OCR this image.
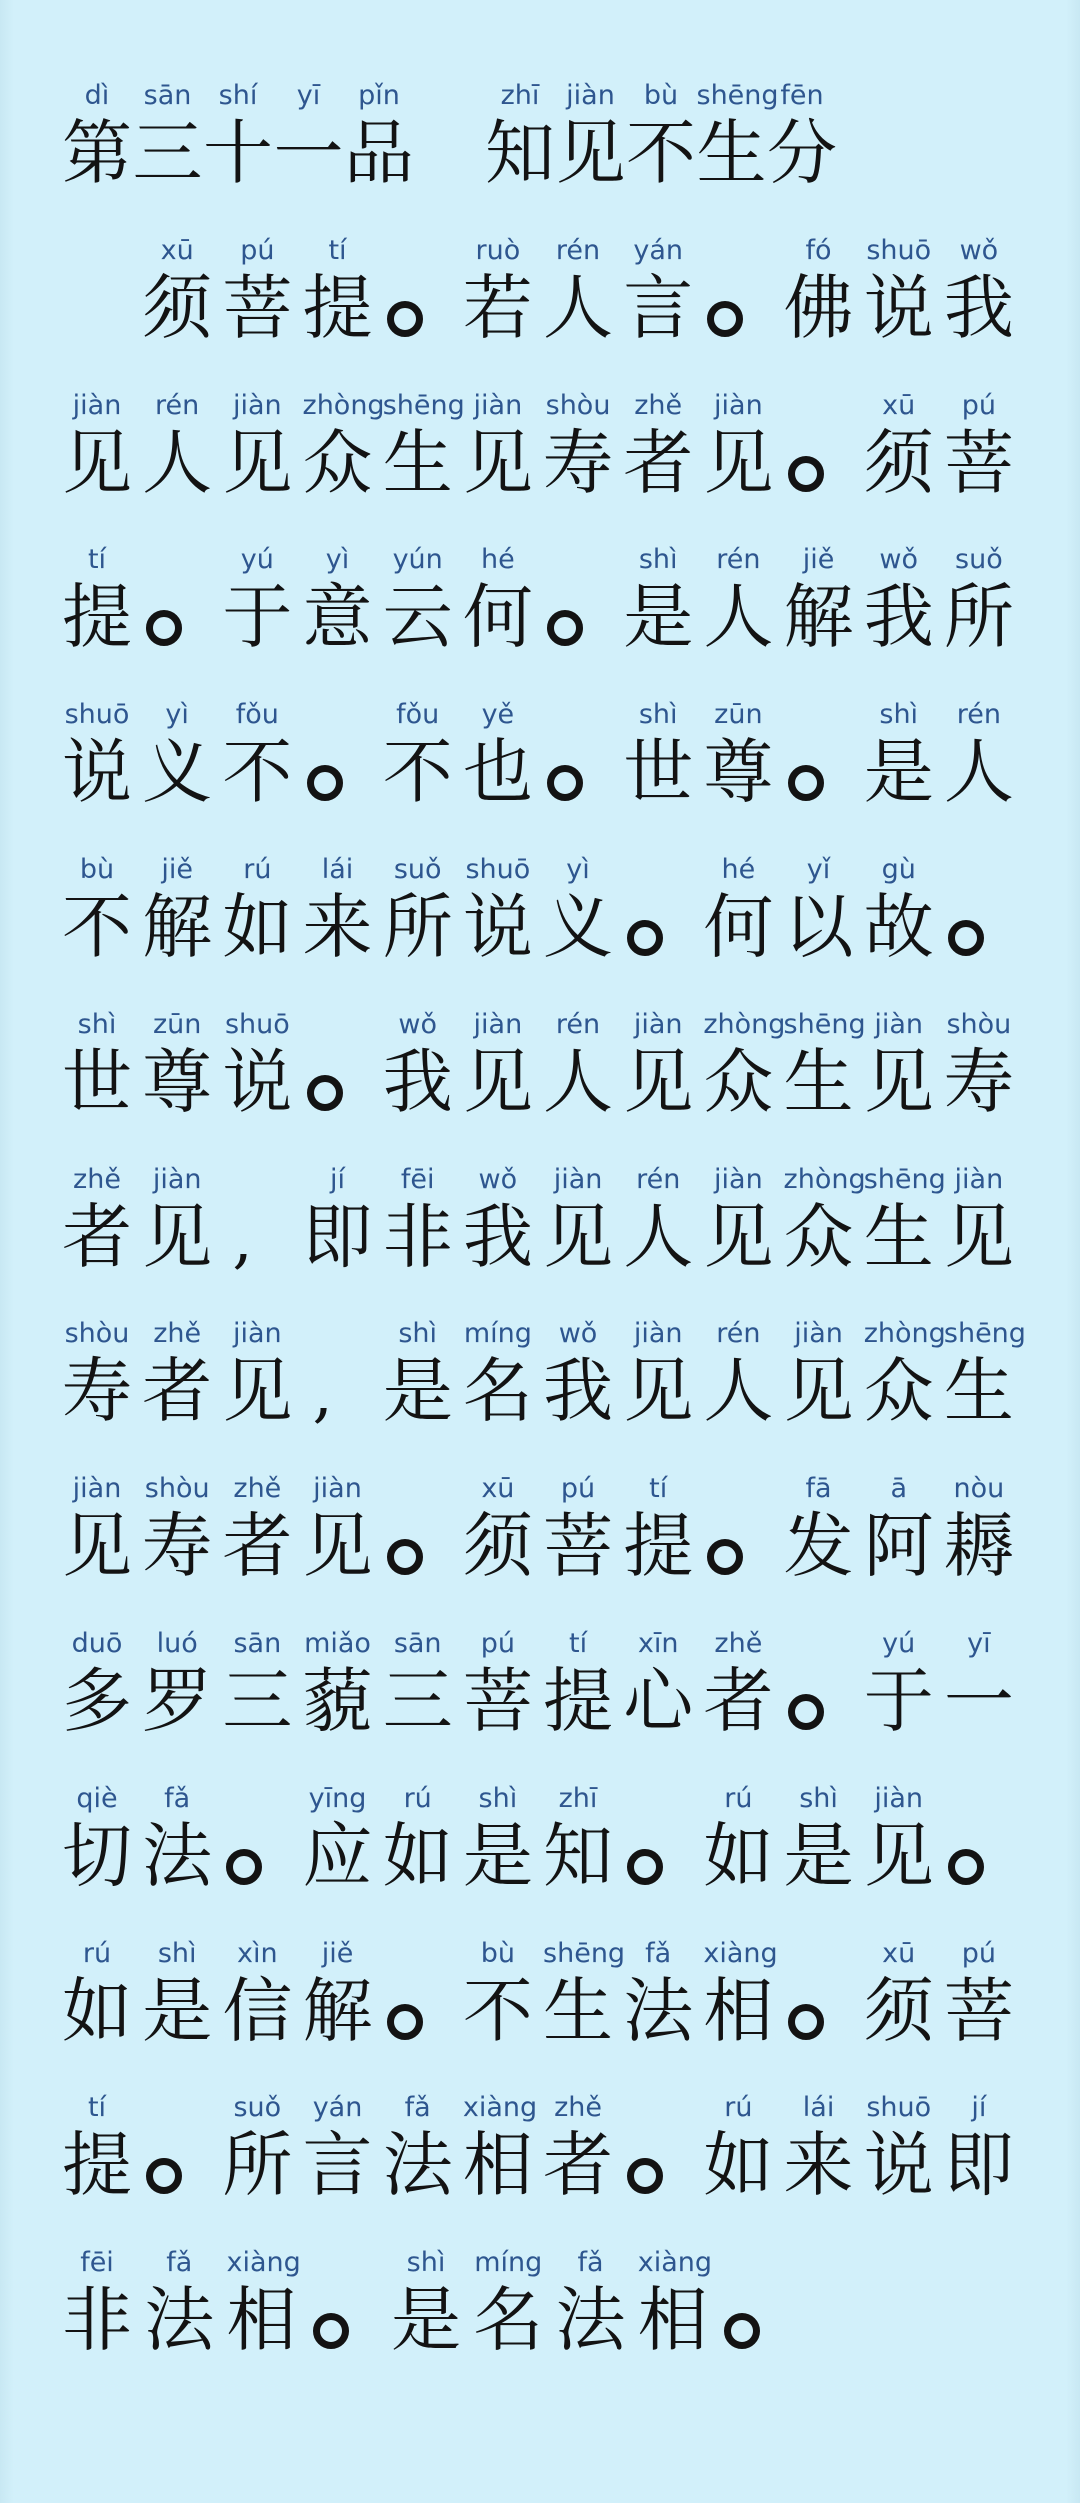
dì
第
sān
三
shí
十
yī
一
pǐn
品
zhī
知
jiàn
见
bù
不
shēng
生
fēn
分
xū
须
pú
菩
tí
提
ruò
若
rén
人
yán
言
fó
佛
shuō
说
wǒ
我
jiàn
见
rén
人
jiàn
见
zhòng
众
shēng
生
jiàn
见
shòu
寿
zhě
者
jiàn
见
xū
须
pú
菩
tí
提
yú
于
yì
意
yún
云
hé
何
shì
是
rén
人
jiě
解
wǒ
我
suǒ
所
shuō
说
yì
义
fǒu
不
fǒu
不
yě
也
shì
世
zūn
尊
shì
是
rén
人
bù
不
jiě
解
rú
如
lái
来
suǒ
所
shuō
说
yì
义
hé
何
yǐ
以
gù
故
shì
世
zūn
尊
shuō
说
wǒ
我
jiàn
见
rén
人
jiàn
见
zhòng
众
shēng
生
jiàn
见
shòu
寿
zhě
者
jiàn
见 ,
jí
即
fēi
非
wǒ
我
jiàn
见
rén
人
jiàn
见
zhòng
众
shēng
生
jiàn
见
shòu
寿
zhě
者
jiàn
见 ,
shì
是
míng
名
wǒ
我
jiàn
见
rén
人
jiàn
见
zhòng
众
shēng
生
jiàn
见
shòu
寿
zhě
者
jiàn
见
xū
须
pú
菩
tí
提
fā
发
ā
阿
nòu
耨
duō
多
luó
罗
sān
三
miǎo
藐
sān
三
pú
菩
tí
提
xīn
心
zhě
者
yú
于
yī
一
qiè
切
fǎ
法
yīng
应
rú
如
shì
是
zhī
知
rú
如
shì
是
jiàn
见
rú
如
shì
是
xìn
信
jiě
解
bù
不
shēng
生
fǎ
法
xiàng
相
xū
须
pú
菩
tí
提
suǒ
所
yán
言
fǎ
法
xiàng
相
zhě
者
rú
如
lái
来
shuō
说
jí
即
fēi
非
fǎ
法
xiàng
相
shì
是
míng
名
fǎ
法
xiàng
相
